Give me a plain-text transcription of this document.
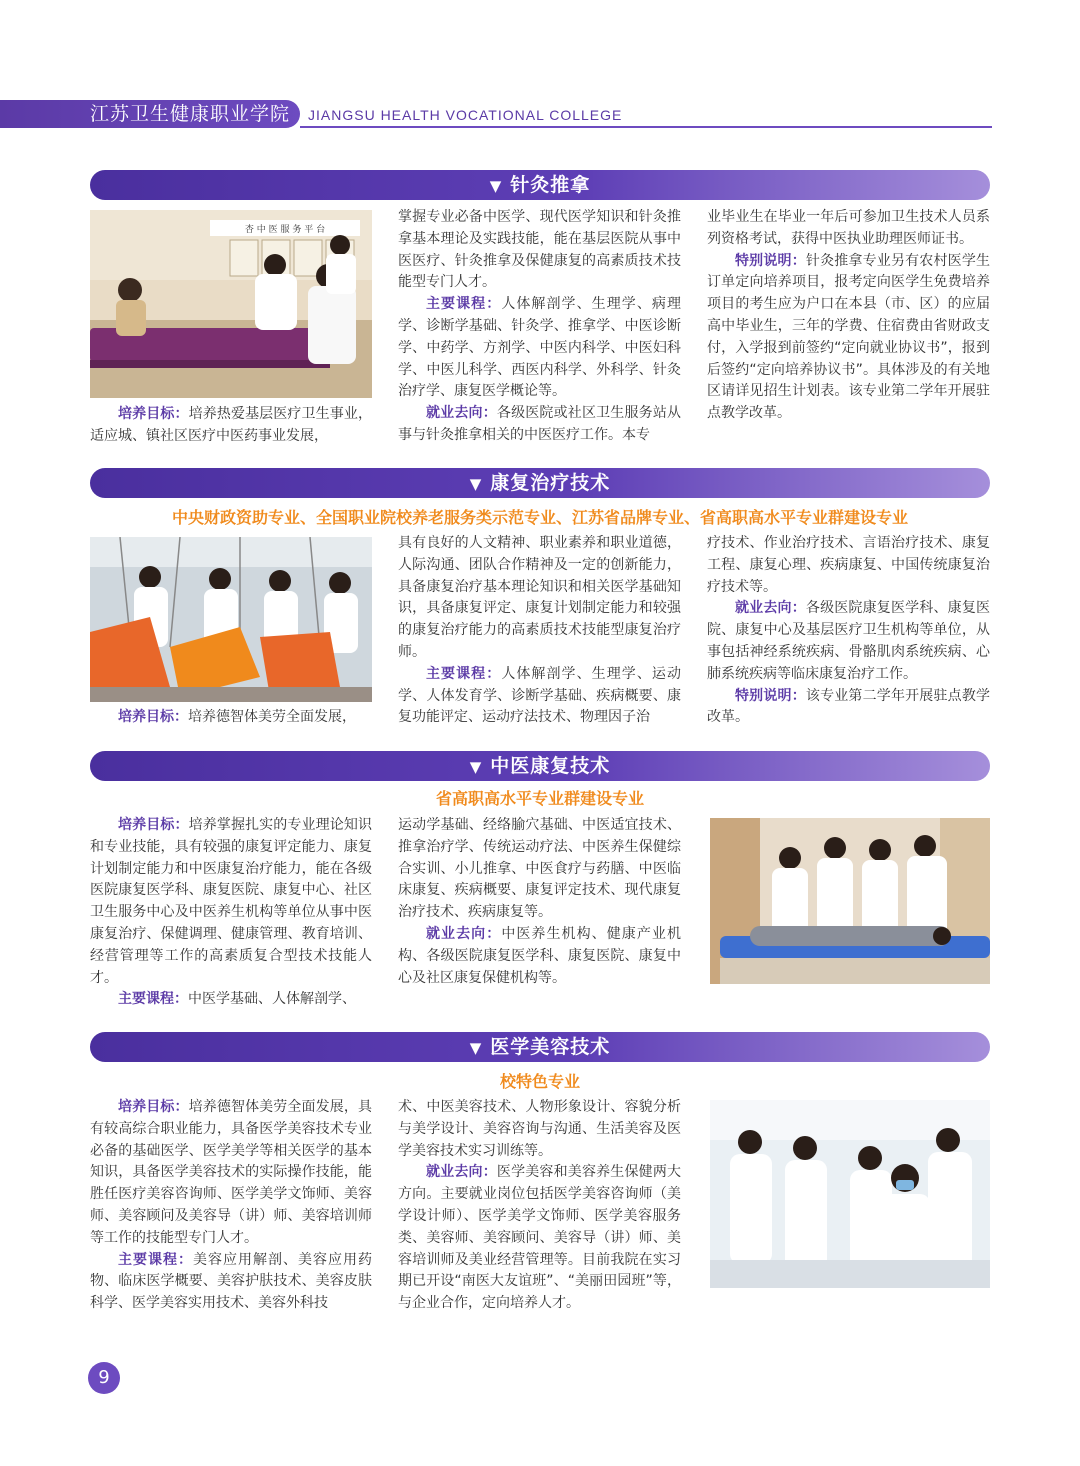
江苏卫生健康职业学院 JIANGSU HEALTH VOCATIONAL COLLEGE
▼ 针灸推拿
杏 中 医 服 务 平 台

培养目标：培养热爱基层医疗卫生事业，适应城、镇社区医疗中医药事业发展，

掌握专业必备中医学、现代医学知识和针灸推拿基本理论及实践技能，能在基层医院从事中医医疗、针灸推拿及保健康复的高素质技术技能型专门人才。

主要课程：人体解剖学、生理学、病理学、诊断学基础、针灸学、推拿学、中医诊断学、中药学、方剂学、中医内科学、中医妇科学、中医儿科学、西医内科学、外科学、针灸治疗学、康复医学概论等。

就业去向：各级医院或社区卫生服务站从事与针灸推拿相关的中医医疗工作。本专

业毕业生在毕业一年后可参加卫生技术人员系列资格考试，获得中医执业助理医师证书。

特别说明：针灸推拿专业另有农村医学生订单定向培养项目，报考定向医学生免费培养项目的考生应为户口在本县（市、区）的应届高中毕业生，三年的学费、住宿费由省财政支付，入学报到前签约“定向就业协议书”，报到后签约“定向培养协议书”。具体涉及的有关地区请详见招生计划表。该专业第二学年开展驻点教学改革。

▼ 康复治疗技术
中央财政资助专业、全国职业院校养老服务类示范专业、江苏省品牌专业、省高职高水平专业群建设专业

培养目标：培养德智体美劳全面发展，

具有良好的人文精神、职业素养和职业道德，人际沟通、团队合作精神及一定的创新能力，具备康复治疗基本理论知识和相关医学基础知识，具备康复评定、康复计划制定能力和较强的康复治疗能力的高素质技术技能型康复治疗师。

主要课程：人体解剖学、生理学、运动学、人体发育学、诊断学基础、疾病概要、康复功能评定、运动疗法技术、物理因子治

疗技术、作业治疗技术、言语治疗技术、康复工程、康复心理、疾病康复、中国传统康复治疗技术等。

就业去向：各级医院康复医学科、康复医院、康复中心及基层医疗卫生机构等单位，从事包括神经系统疾病、骨骼肌肉系统疾病、心肺系统疾病等临床康复治疗工作。

特别说明：该专业第二学年开展驻点教学改革。

▼ 中医康复技术
省高职高水平专业群建设专业

培养目标：培养掌握扎实的专业理论知识和专业技能，具有较强的康复评定能力、康复计划制定能力和中医康复治疗能力，能在各级医院康复医学科、康复医院、康复中心、社区卫生服务中心及中医养生机构等单位从事中医康复治疗、保健调理、健康管理、教育培训、经营管理等工作的高素质复合型技术技能人才。

主要课程：中医学基础、人体解剖学、

运动学基础、经络腧穴基础、中医适宜技术、推拿治疗学、传统运动疗法、中医养生保健综合实训、小儿推拿、中医食疗与药膳、中医临床康复、疾病概要、康复评定技术、现代康复治疗技术、疾病康复等。

就业去向：中医养生机构、健康产业机构、各级医院康复医学科、康复医院、康复中心及社区康复保健机构等。

▼ 医学美容技术
校特色专业

培养目标：培养德智体美劳全面发展，具有较高综合职业能力，具备医学美容技术专业必备的基础医学、医学美学等相关医学的基本知识，具备医学美容技术的实际操作技能，能胜任医疗美容咨询师、医学美学文饰师、美容师、美容顾问及美容导（讲）师、美容培训师等工作的技能型专门人才。

主要课程：美容应用解剖、美容应用药物、临床医学概要、美容护肤技术、美容皮肤科学、医学美容实用技术、美容外科技

术、中医美容技术、人物形象设计、容貌分析与美学设计、美容咨询与沟通、生活美容及医学美容技术实习训练等。

就业去向：医学美容和美容养生保健两大方向。主要就业岗位包括医学美容咨询师（美学设计师）、医学美学文饰师、医学美容服务类、美容师、美容顾问、美容导（讲）师、美容培训师及美业经营管理等。目前我院在实习期已开设“南医大友谊班”、“美丽田园班”等，与企业合作，定向培养人才。

9
